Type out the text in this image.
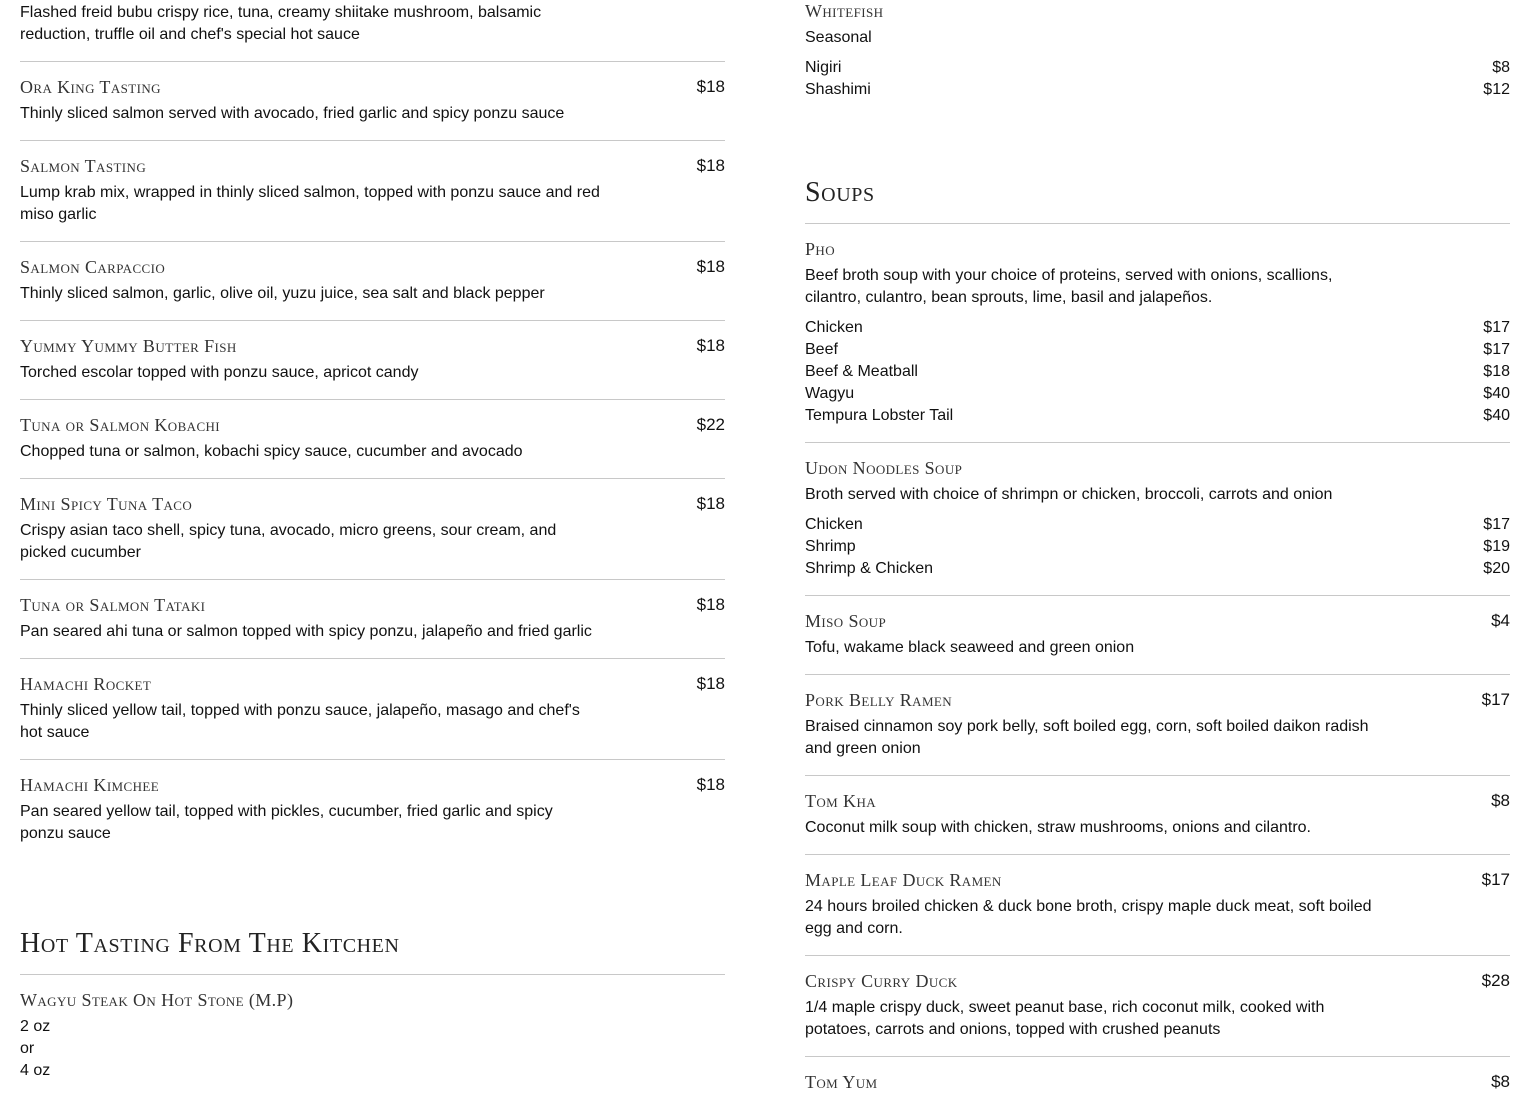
Flashed freid bubu crispy rice, tuna, creamy shiitake mushroom, balsamic reduction, truffle oil and chef's special hot sauce
Ora King Tasting	$18
Thinly sliced salmon served with avocado, fried garlic and spicy ponzu sauce
Salmon Tasting	$18
Lump krab mix, wrapped in thinly sliced salmon, topped with ponzu sauce and red miso garlic
Salmon Carpaccio	$18
Thinly sliced salmon, garlic, olive oil, yuzu juice, sea salt and black pepper
Yummy Yummy Butter Fish	$18
Torched escolar topped with ponzu sauce, apricot candy
Tuna or Salmon Kobachi	$22
Chopped tuna or salmon, kobachi spicy sauce, cucumber and avocado
Mini Spicy Tuna Taco	$18
Crispy asian taco shell, spicy tuna, avocado, micro greens, sour cream, and picked cucumber
Tuna or Salmon Tataki	$18
Pan seared ahi tuna or salmon topped with spicy ponzu, jalapeño and fried garlic
Hamachi Rocket	$18
Thinly sliced yellow tail, topped with ponzu sauce, jalapeño, masago and chef's hot sauce
Hamachi Kimchee	$18
Pan seared yellow tail, topped with pickles, cucumber, fried garlic and spicy ponzu sauce
Hot Tasting From The Kitchen
Wagyu Steak On Hot Stone (M.P)
2 oz
or
4 oz
Whitefish
Seasonal
Nigiri	$8
Shashimi	$12
Soups
Pho
Beef broth soup with your choice of proteins, served with onions, scallions, cilantro, culantro, bean sprouts, lime, basil and jalapeños.
Chicken	$17
Beef	$17
Beef & Meatball	$18
Wagyu	$40
Tempura Lobster Tail	$40
Udon Noodles Soup
Broth served with choice of shrimpn or chicken, broccoli, carrots and onion
Chicken	$17
Shrimp	$19
Shrimp & Chicken	$20
Miso Soup	$4
Tofu, wakame black seaweed and green onion
Pork Belly Ramen	$17
Braised cinnamon soy pork belly, soft boiled egg, corn, soft boiled daikon radish and green onion
Tom Kha	$8
Coconut milk soup with chicken, straw mushrooms, onions and cilantro.
Maple Leaf Duck Ramen	$17
24 hours broiled chicken & duck bone broth, crispy maple duck meat, soft boiled egg and corn.
Crispy Curry Duck	$28
1/4 maple crispy duck, sweet peanut base, rich coconut milk, cooked with potatoes, carrots and onions, topped with crushed peanuts
Tom Yum	$8
